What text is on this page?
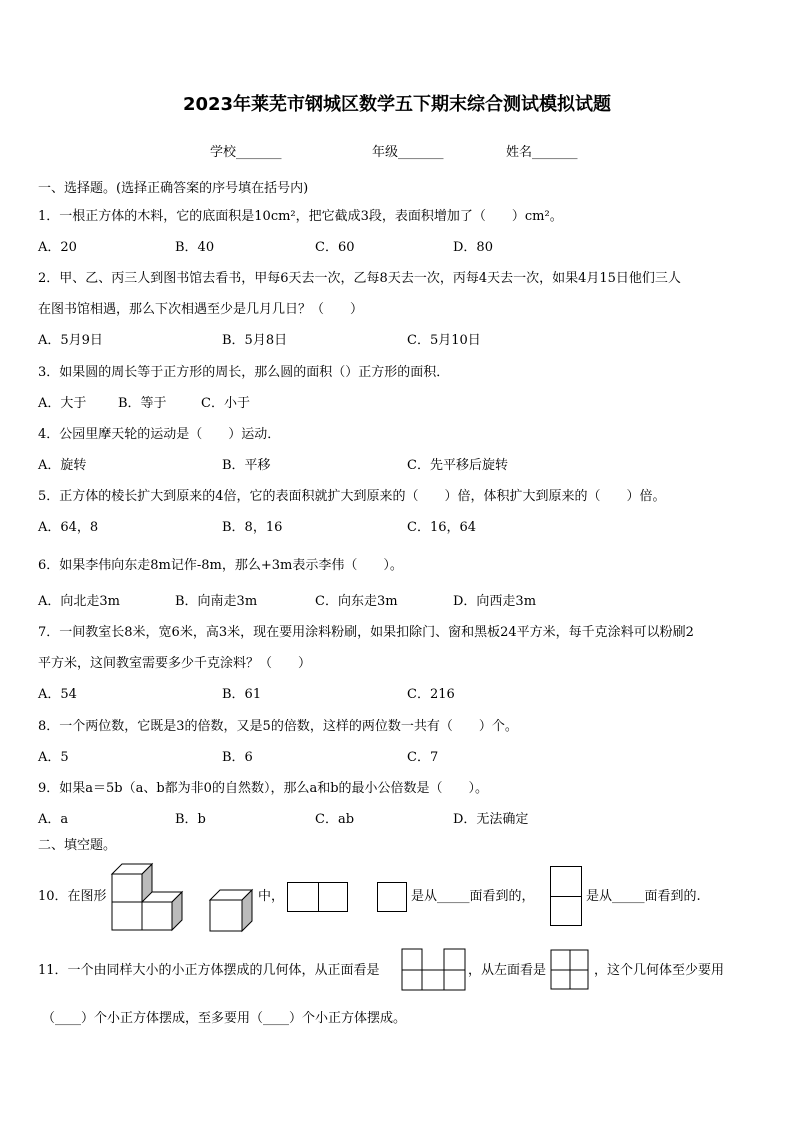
2023年莱芜市钢城区数学五下期末综合测试模拟试题
学校_______	年级_______	姓名_______
一、选择题。(选择正确答案的序号填在括号内)
1．一根正方体的木料，它的底面积是10cm²，把它截成3段，表面积增加了（　　）cm²。
A．20	B．40	C．60	D．80
2．甲、乙、丙三人到图书馆去看书，甲每6天去一次，乙每8天去一次，丙每4天去一次，如果4月15日他们三人
在图书馆相遇，那么下次相遇至少是几月几日？（　　）
A．5月9日	B．5月8日	C．5月10日
3．如果圆的周长等于正方形的周长，那么圆的面积（）正方形的面积．
A．大于 B．等于	C．小于
4．公园里摩天轮的运动是（　　）运动．
A．旋转	B．平移	C．先平移后旋转
5．正方体的棱长扩大到原来的4倍，它的表面积就扩大到原来的（　　）倍，体积扩大到原来的（　　）倍。
A．64，8	B．8，16	C．16，64
6．如果李伟向东走8m记作-8m，那么+3m表示李伟（　　）。
A．向北走3m	B．向南走3m	C．向东走3m	D．向西走3m
7．一间教室长8米，宽6米，高3米，现在要用涂料粉刷，如果扣除门、窗和黑板24平方米，每千克涂料可以粉刷2
平方米，这间教室需要多少千克涂料？（　　）
A．54	B．61	C．216
8．一个两位数，它既是3的倍数，又是5的倍数，这样的两位数一共有（　　）个。
A．5	B．6	C．7
9．如果a＝5b（a、b都为非0的自然数），那么a和b的最小公倍数是（　　）。
A．a	B．b	C．ab	D．无法确定
二、填空题。
10．在图形	中，	是从_____面看到的，	是从_____面看到的.
11．一个由同样大小的小正方体摆成的几何体，从正面看是	，从左面看是	，这个几何体至少要用
（____）个小正方体摆成，至多要用（____）个小正方体摆成。
